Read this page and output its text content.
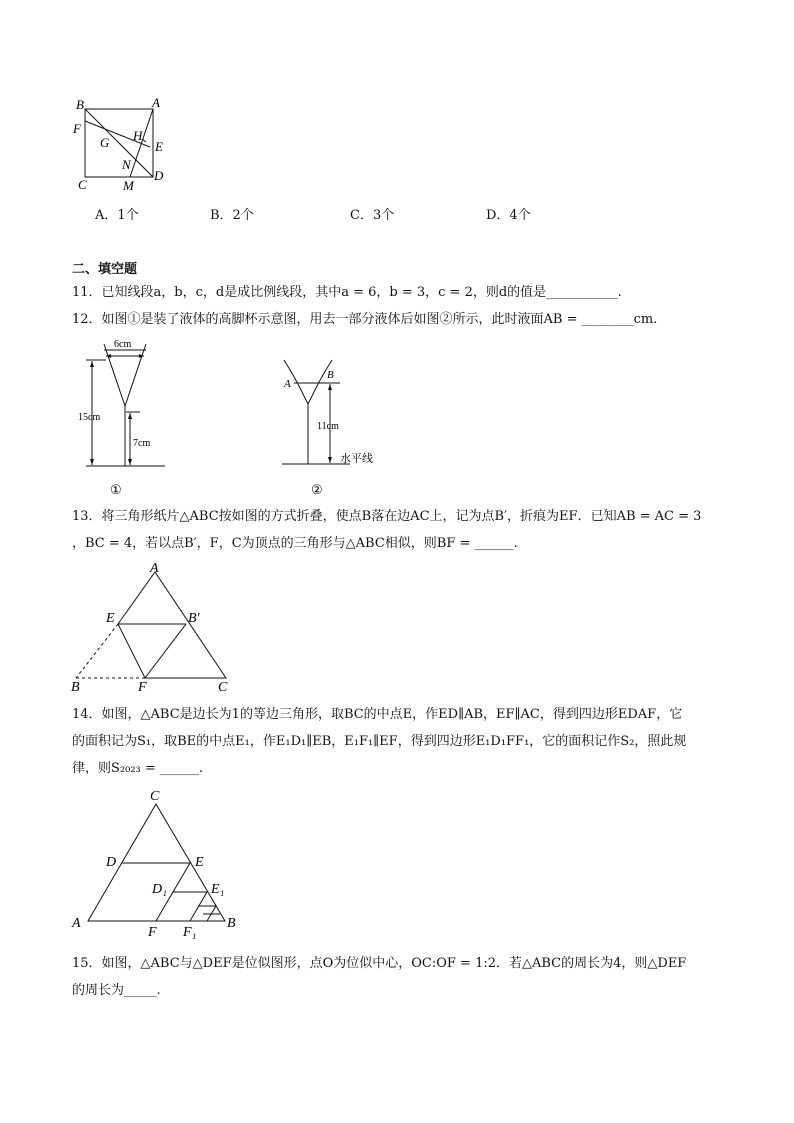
B	A
F
G H
E
N
C	M
D
A．1个	B．2个	C．3个	D．4个
二、填空题
11．已知线段a，b，c，d是成比例线段，其中a = 6，b = 3，c = 2，则d的值是___________.
12．如图①是装了液体的高脚杯示意图，用去一部分液体后如图②所示，此时液面AB = ________cm.
6cm
15cm
7cm
①
A
B
11cm
水平线
②
13．将三角形纸片△ABC按如图的方式折叠，使点B落在边AC上，记为点B′，折痕为EF．已知AB = AC = 3
，BC = 4，若以点B′，F，C为顶点的三角形与△ABC相似，则BF = ______.
A
E	B′
B	F	C
14．如图，△ABC是边长为1的等边三角形，取BC的中点E，作ED∥AB，EF∥AC，得到四边形EDAF，它
的面积记为S₁，取BE的中点E₁，作E₁D₁∥EB，E₁F₁∥EF，得到四边形E₁D₁FF₁，它的面积记作S₂，照此规
律，则S₂₀₂₃ = ______.
C
D	E
D₁	E₁
A
F F₁
B
15．如图，△ABC与△DEF是位似图形，点O为位似中心，OC:OF = 1:2．若△ABC的周长为4，则△DEF
的周长为_____.
